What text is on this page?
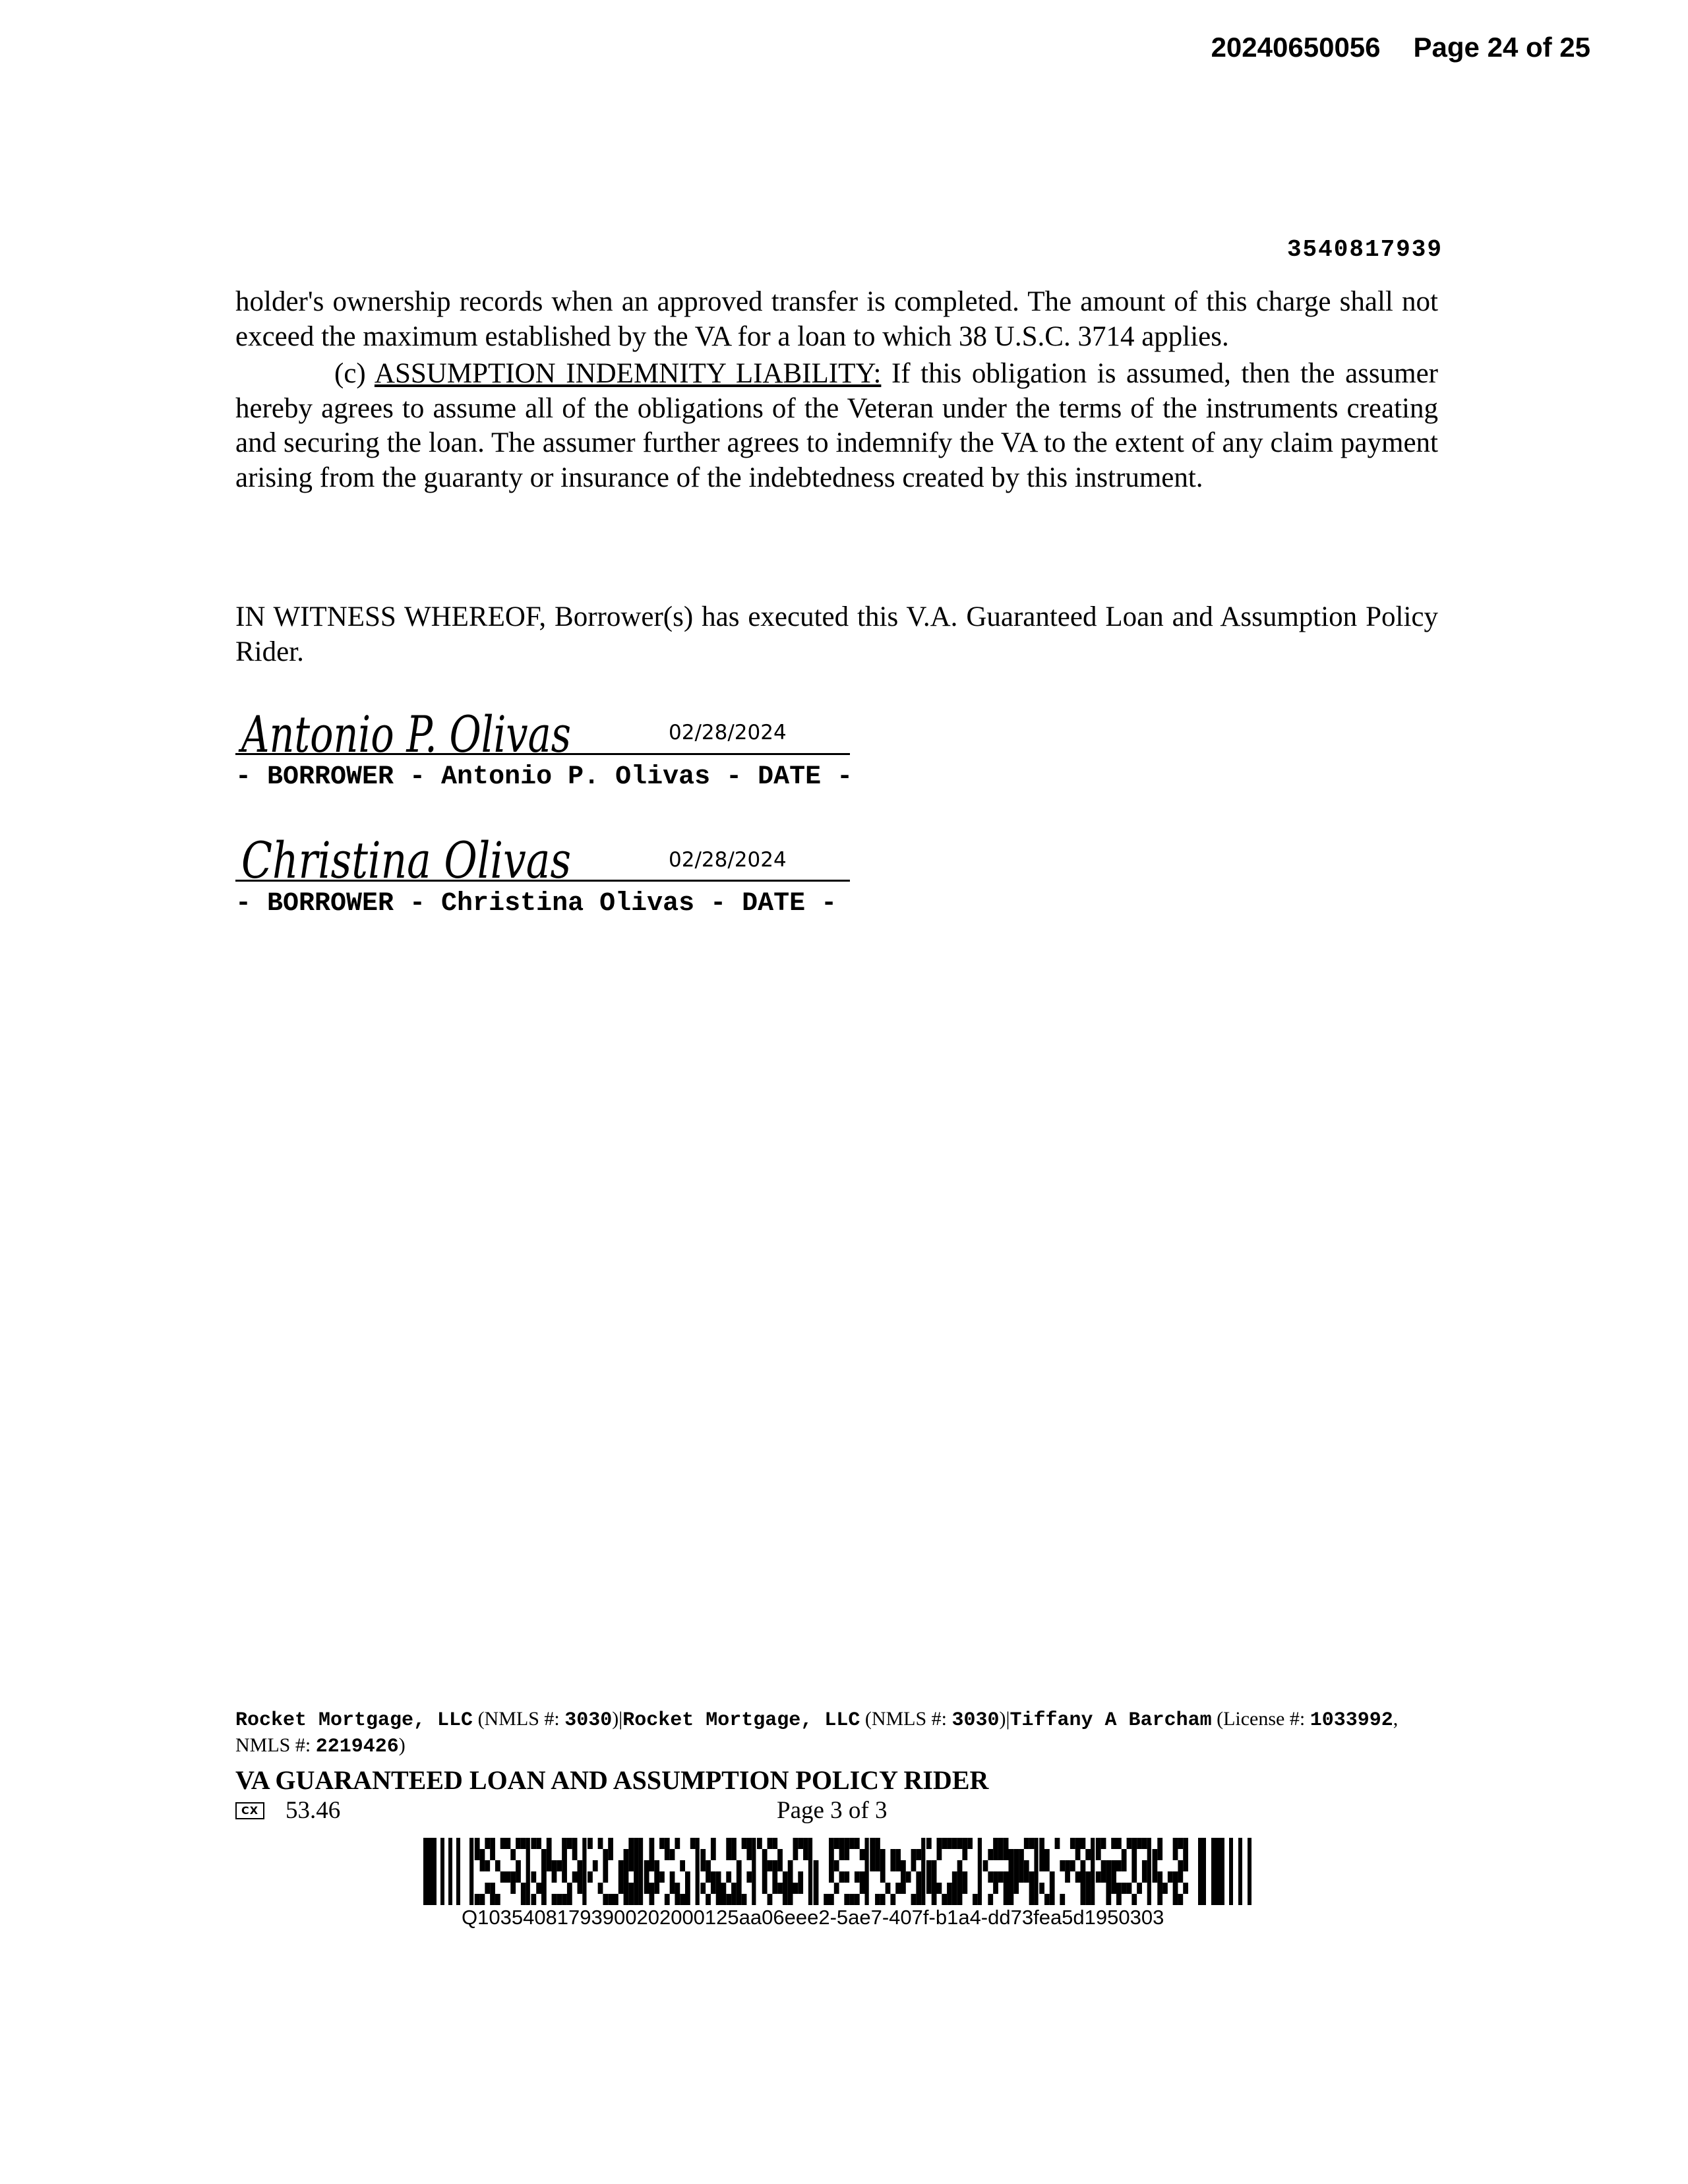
20240650056 Page 24 of 25
3540817939

holder's ownership records when an approved transfer is completed. The amount of this charge shall not exceed the maximum established by the VA for a loan to which 38 U.S.C. 3714 applies.

(c) ASSUMPTION INDEMNITY LIABILITY: If this obligation is assumed, then the assumer hereby agrees to assume all of the obligations of the Veteran under the terms of the instruments creating and securing the loan. The assumer further agrees to indemnify the VA to the extent of any claim payment arising from the guaranty or insurance of the indebtedness created by this instrument.

IN WITNESS WHEREOF, Borrower(s) has executed this V.A. Guaranteed Loan and Assumption Policy Rider.

Antonio P. Olivas	02/28/2024
- BORROWER - Antonio P. Olivas - DATE -
Christina Olivas	02/28/2024
- BORROWER - Christina Olivas - DATE -
Rocket Mortgage, LLC (NMLS #: 3030)|Rocket Mortgage, LLC (NMLS #: 3030)|Tiffany A Barcham (License #: 1033992, NMLS #: 2219426)
VA GUARANTEED LOAN AND ASSUMPTION POLICY RIDER
CX 53.46	Page 3 of 3
Q10354081793900202000125aa06eee2-5ae7-407f-b1a4-dd73fea5d1950303
